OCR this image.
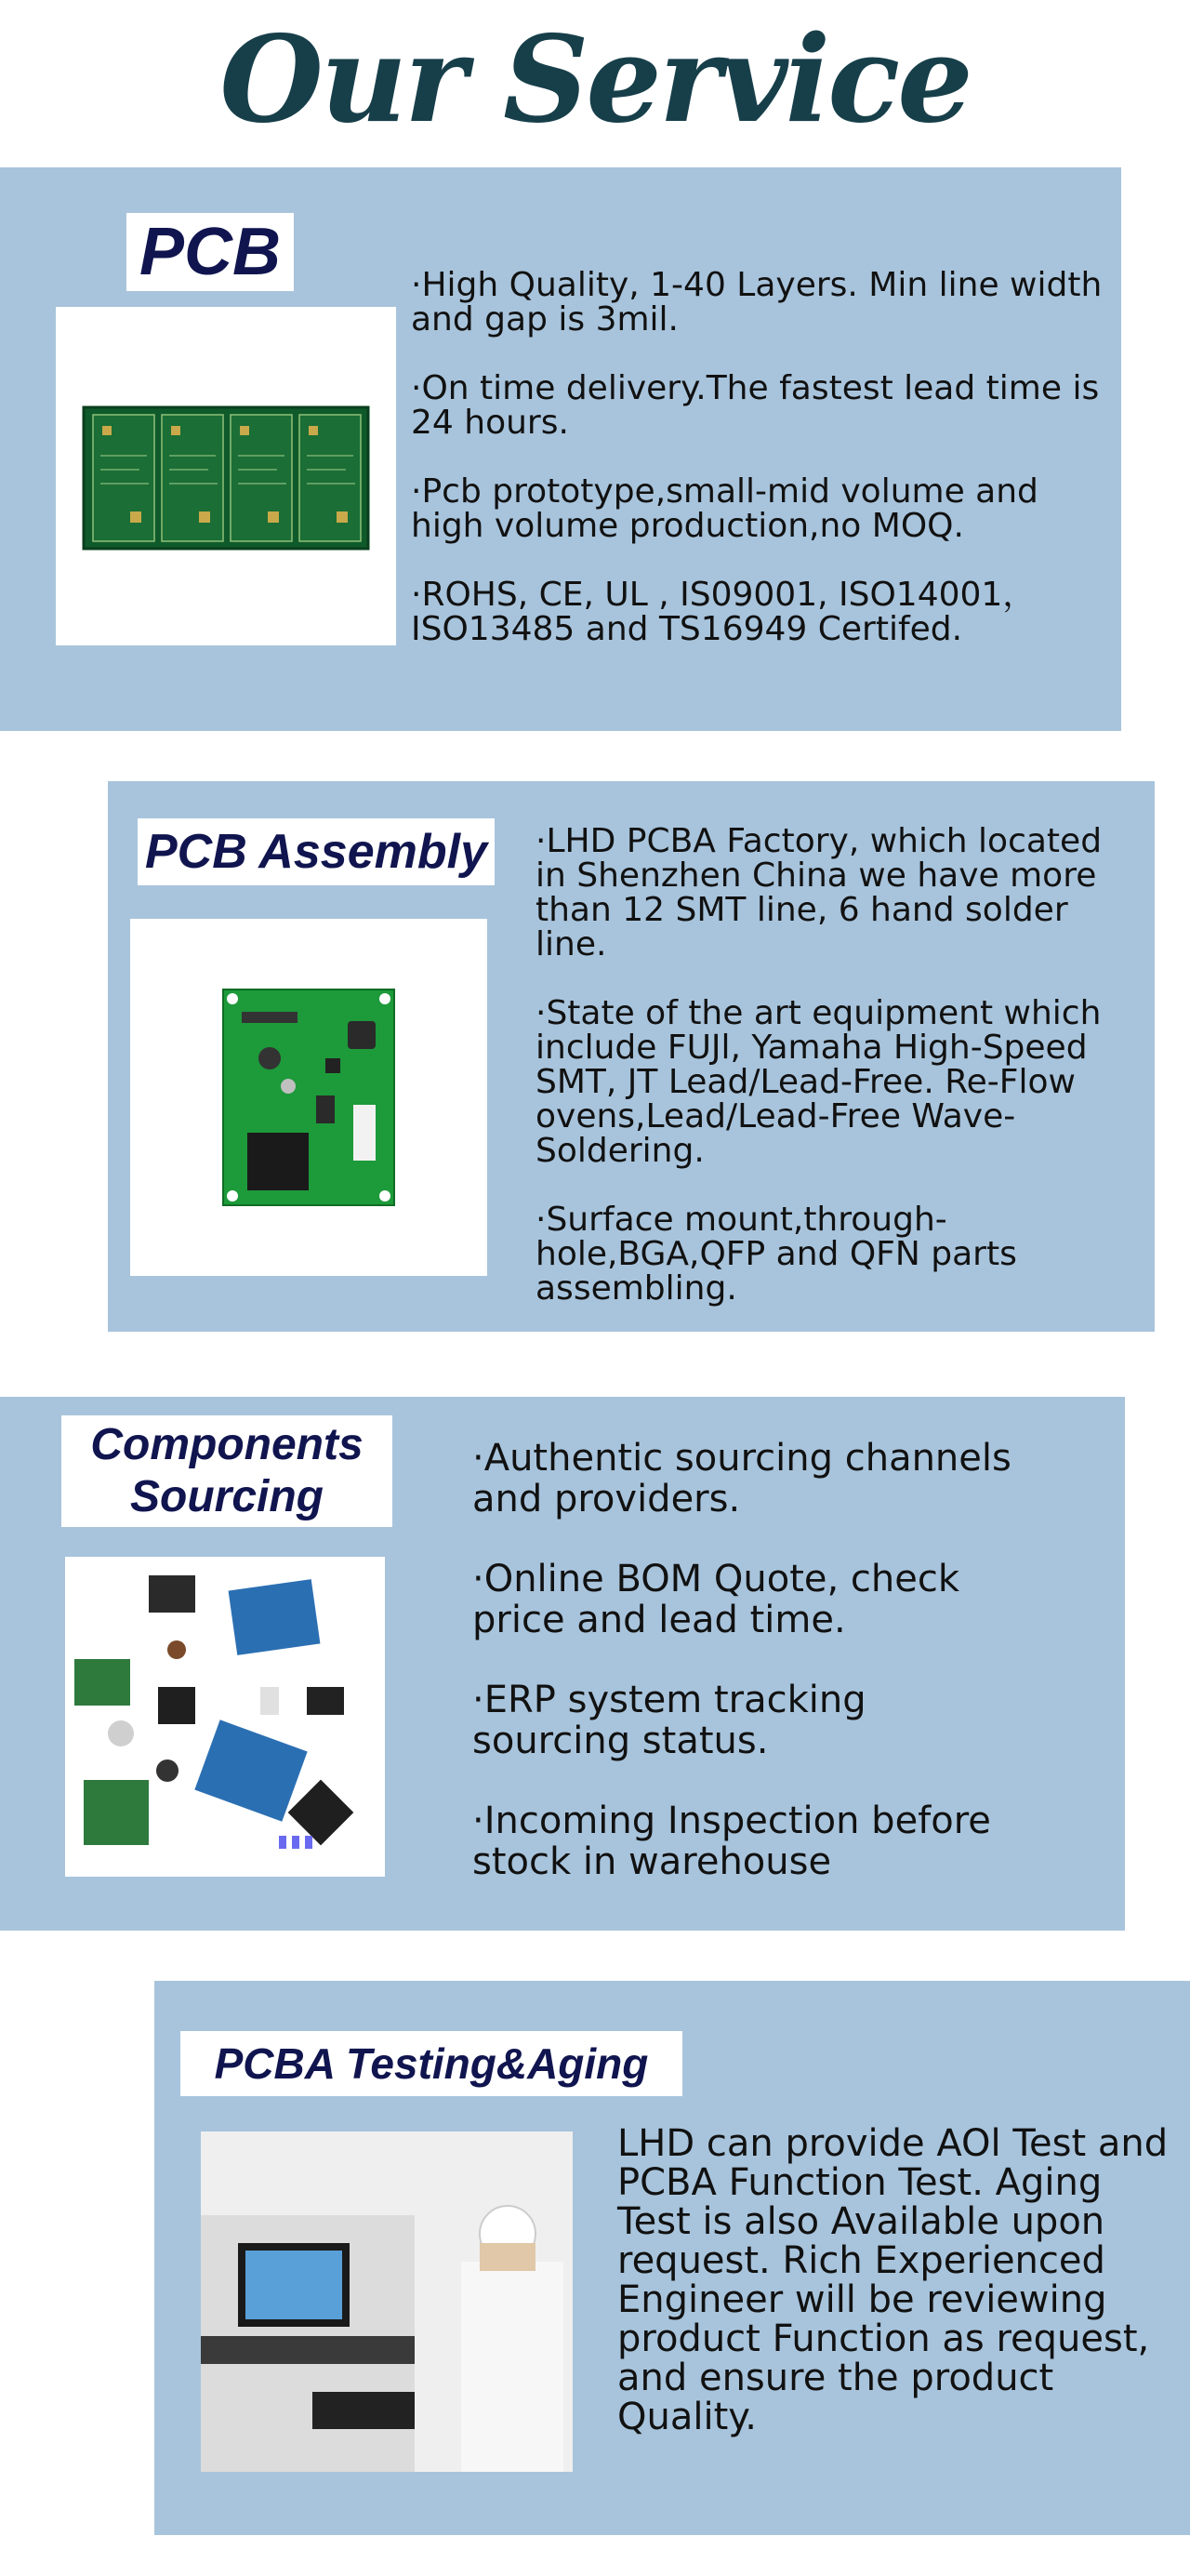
Our Service
PCB	·High Quality, 1-40 Layers. Min line width and gap is 3mil.

·On time delivery.The fastest lead time is 24 hours.

·Pcb prototype,small-mid volume and high volume production,no MOQ.

·ROHS, CE, UL , IS09001, ISO14001，ISO13485 and TS16949 Certifed.

PCB Assembly ·LHD PCBA Factory, which located in Shenzhen China we have more than 12 SMT line, 6 hand solder line.

·State of the art equipment which include FUJl, Yamaha High-Speed SMT, JT Lead/Lead-Free. Re-Flow ovens,Lead/Lead-Free Wave-Soldering.

·Surface mount,through-hole,BGA,QFP and QFN parts assembling.

Components
Sourcing

·Authentic sourcing channels and providers.

·Online BOM Quote, check price and lead time.

·ERP system tracking sourcing status.

·Incoming Inspection before stock in warehouse

PCBA Testing&Aging
LHD can provide AOl Test and PCBA Function Test. Aging Test is also Available upon request. Rich Experienced Engineer will be reviewing product Function as request, and ensure the product Quality.
